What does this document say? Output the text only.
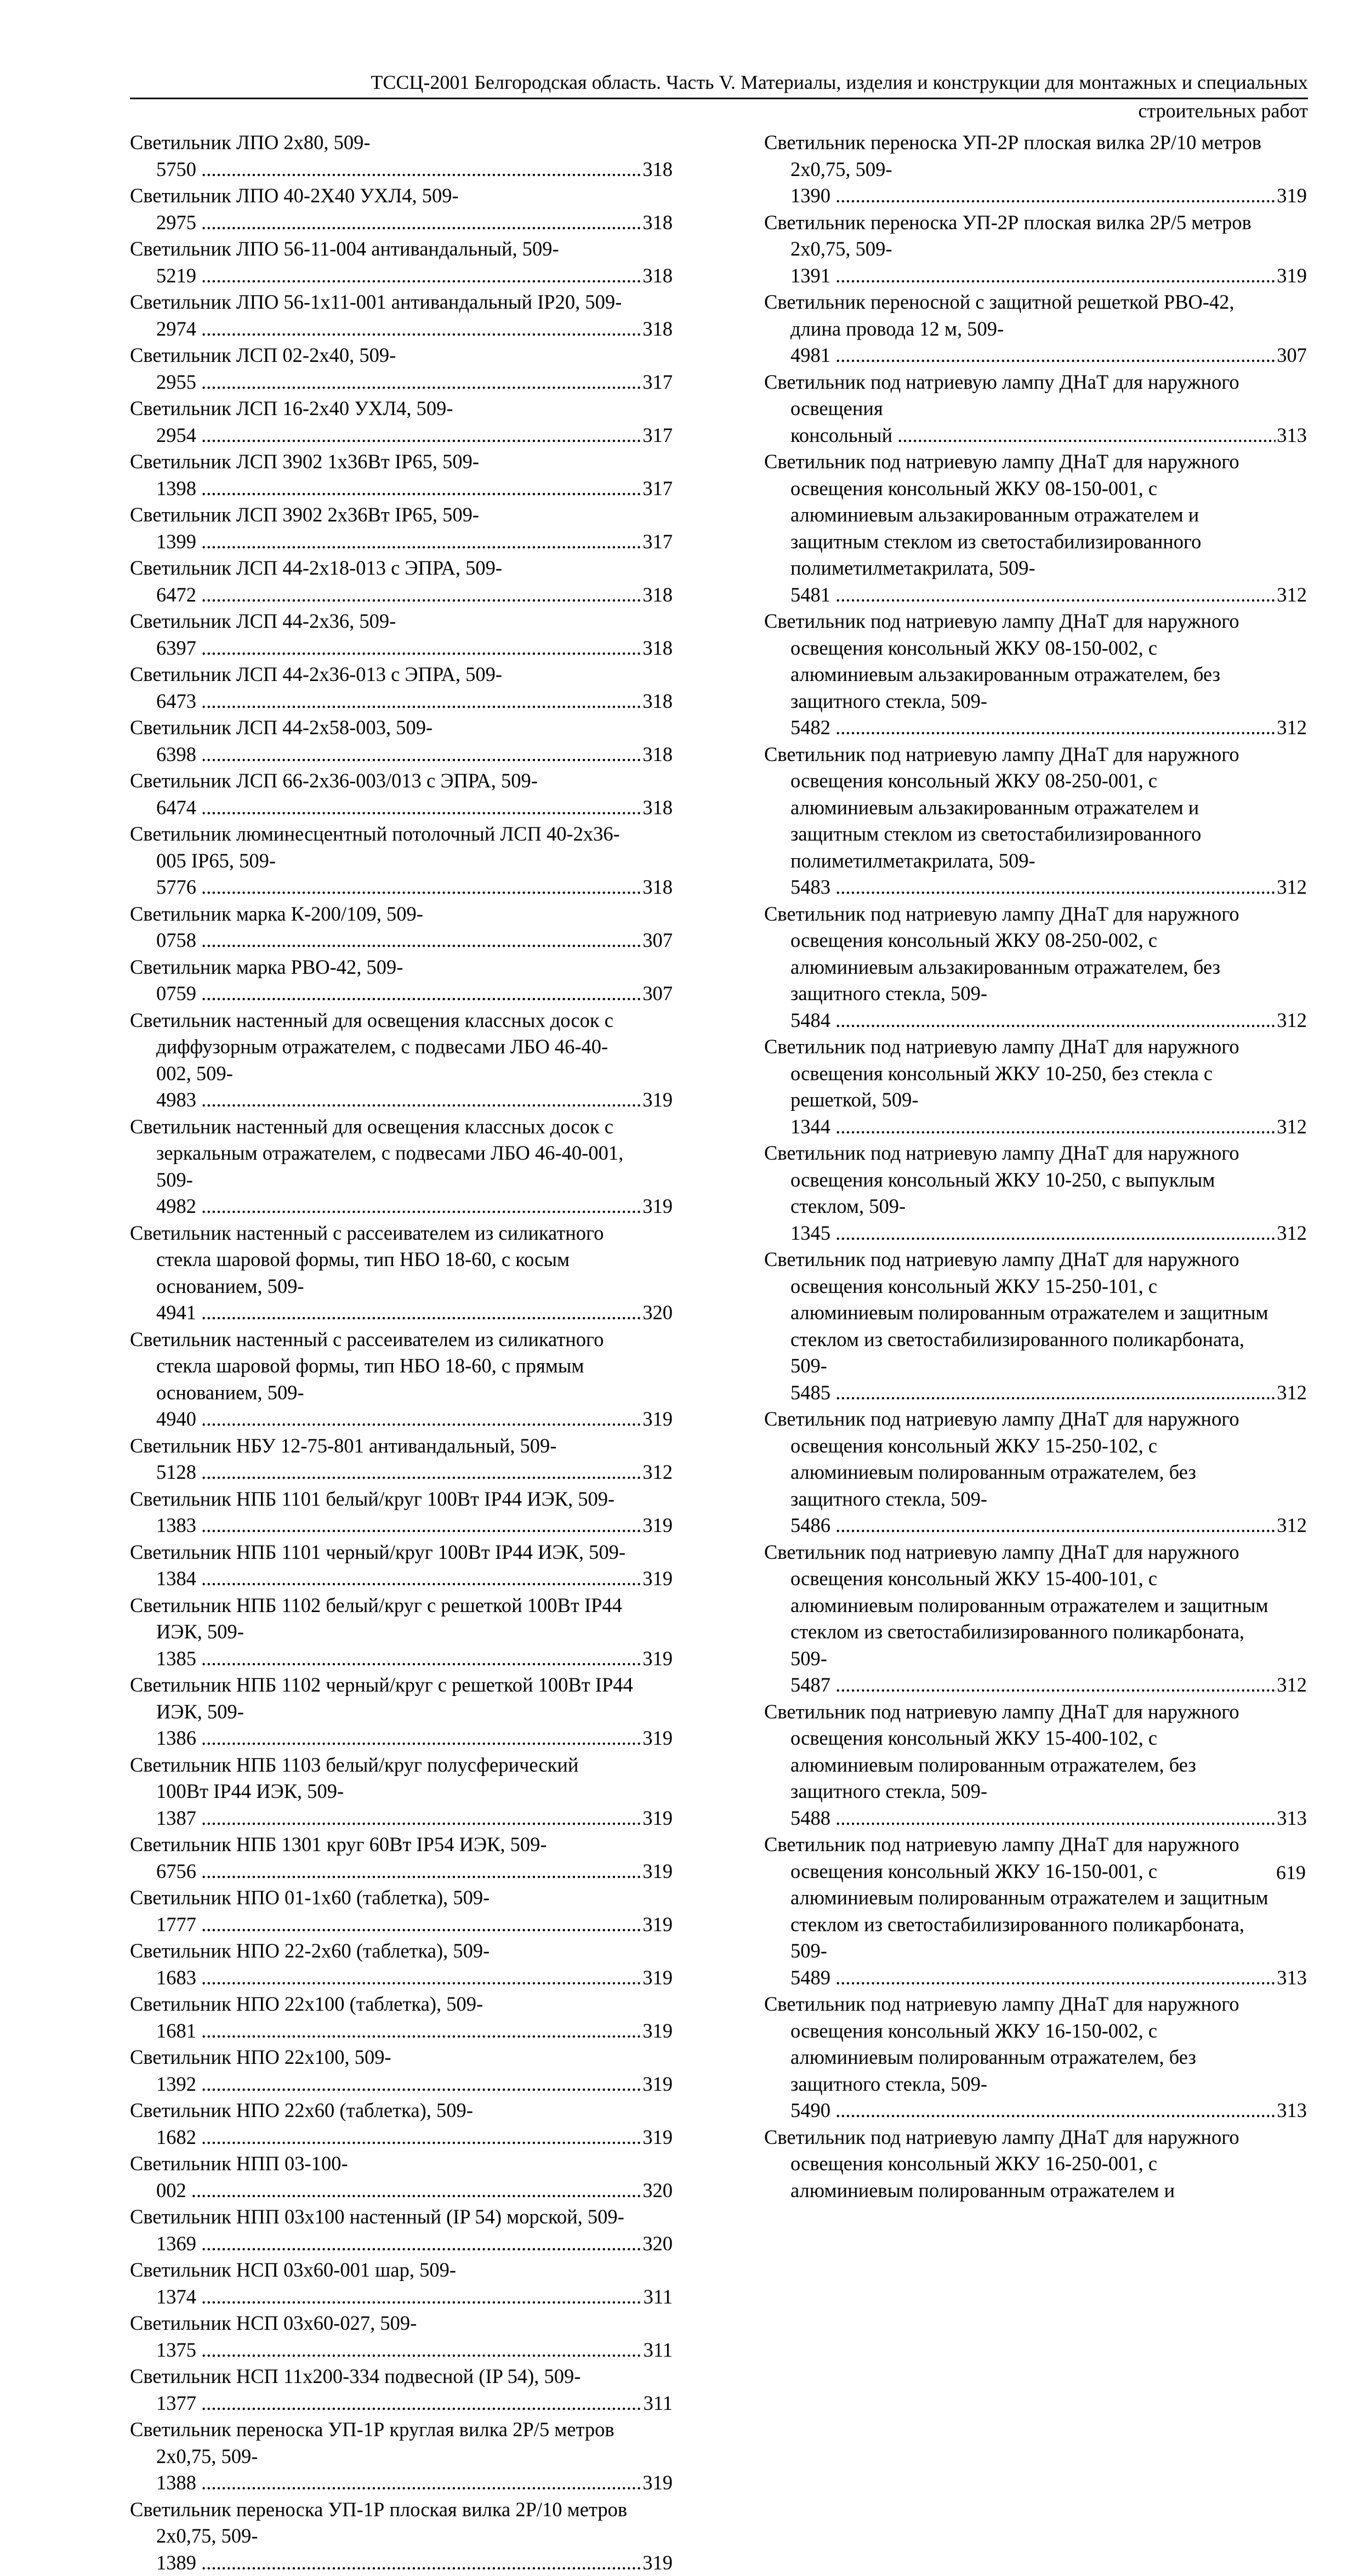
ТССЦ-2001 Белгородская область. Часть V. Материалы, изделия и конструкции для монтажных и специальных
строительных работ
Светильник ЛПО 2х80, 509-5750 .....	318
Светильник ЛПО 40-2Х40 УХЛ4, 509-2975 .....	318
Светильник ЛПО 56-11-004 антивандальный, 509-5219 .....	318
Светильник ЛПО 56-1х11-001 антивандальный IP20, 509-2974 .....	318
Светильник ЛСП 02-2х40, 509-2955 .....	317
Светильник ЛСП 16-2х40 УХЛ4, 509-2954 .....	317
Светильник ЛСП 3902 1х36Вт IP65, 509-1398 .....	317
Светильник ЛСП 3902 2х36Вт IP65, 509-1399 .....	317
Светильник ЛСП 44-2х18-013 с ЭПРА, 509-6472 .....	318
Светильник ЛСП 44-2х36, 509-6397 .....	318
Светильник ЛСП 44-2х36-013 с ЭПРА, 509-6473 .....	318
Светильник ЛСП 44-2х58-003, 509-6398 .....	318
Светильник ЛСП 66-2х36-003/013 с ЭПРА, 509-6474 .....	318
Светильник люминесцентный потолочный ЛСП 40-2х36-005 IP65, 509-5776 .....	318
Светильник марка К-200/109, 509-0758 .....	307
Светильник марка РВО-42, 509-0759 .....	307
Светильник настенный для освещения классных досок с диффузорным отражателем, с подвесами ЛБО 46-40-002, 509-4983 .....	319
Светильник настенный для освещения классных досок с зеркальным отражателем, с подвесами ЛБО 46-40-001, 509-4982 .....	319
Светильник настенный с рассеивателем из силикатного стекла шаровой формы, тип НБО 18-60, с косым основанием, 509-4941 .....	320
Светильник настенный с рассеивателем из силикатного стекла шаровой формы, тип НБО 18-60, с прямым основанием, 509-4940 .....	319
Светильник НБУ 12-75-801 антивандальный, 509-5128 .....	312
Светильник НПБ 1101 белый/круг 100Вт IP44 ИЭК, 509-1383 .....	319
Светильник НПБ 1101 черный/круг 100Вт IP44 ИЭК, 509-1384 .....	319
Светильник НПБ 1102 белый/круг с решеткой 100Вт IP44 ИЭК, 509-1385 .....	319
Светильник НПБ 1102 черный/круг с решеткой 100Вт IP44 ИЭК, 509-1386 .....	319
Светильник НПБ 1103 белый/круг полусферический 100Вт IP44 ИЭК, 509-1387 .....	319
Светильник НПБ 1301 круг 60Вт IP54 ИЭК, 509-6756 .....	319
Светильник НПО 01-1х60 (таблетка), 509-1777 .....	319
Светильник НПО 22-2х60 (таблетка), 509-1683 .....	319
Светильник НПО 22х100 (таблетка), 509-1681 .....	319
Светильник НПО 22х100, 509-1392 .....	319
Светильник НПО 22х60 (таблетка), 509-1682 .....	319
Светильник НПП 03-100-002 .....	320
Светильник НПП 03х100 настенный (IP 54) морской, 509-1369 .....	320
Светильник НСП 03х60-001 шар, 509-1374 .....	311
Светильник НСП 03х60-027, 509-1375 .....	311
Светильник НСП 11х200-334 подвесной (IP 54), 509-1377 .....	311
Светильник переноска УП-1Р круглая вилка 2Р/5 метров 2х0,75, 509-1388 .....	319
Светильник переноска УП-1Р плоская вилка 2Р/10 метров 2х0,75, 509-1389 .....	319
Светильник переноска УП-2Р плоская вилка 2Р/10 метров 2х0,75, 509-1390 .....	319
Светильник переноска УП-2Р плоская вилка 2Р/5 метров 2х0,75, 509-1391 .....	319
Светильник переносной с защитной решеткой РВО-42, длина провода 12 м, 509-4981 .....	307
Светильник под натриевую лампу ДНаТ для наружного освещения консольный .....	313
Светильник под натриевую лампу ДНаТ для наружного освещения консольный ЖКУ 08-150-001, с алюминиевым альзакированным отражателем и защитным стеклом из светостабилизированного полиметилметакрилата, 509-5481 .....	312
Светильник под натриевую лампу ДНаТ для наружного освещения консольный ЖКУ 08-150-002, с алюминиевым альзакированным отражателем, без защитного стекла, 509-5482 .....	312
Светильник под натриевую лампу ДНаТ для наружного освещения консольный ЖКУ 08-250-001, с алюминиевым альзакированным отражателем и защитным стеклом из светостабилизированного полиметилметакрилата, 509-5483 .....	312
Светильник под натриевую лампу ДНаТ для наружного освещения консольный ЖКУ 08-250-002, с алюминиевым альзакированным отражателем, без защитного стекла, 509-5484 .....	312
Светильник под натриевую лампу ДНаТ для наружного освещения консольный ЖКУ 10-250, без стекла с решеткой, 509-1344 .....	312
Светильник под натриевую лампу ДНаТ для наружного освещения консольный ЖКУ 10-250, с выпуклым стеклом, 509-1345 .....	312
Светильник под натриевую лампу ДНаТ для наружного освещения консольный ЖКУ 15-250-101, с алюминиевым полированным отражателем и защитным стеклом из светостабилизированного поликарбоната, 509-5485 .....	312
Светильник под натриевую лампу ДНаТ для наружного освещения консольный ЖКУ 15-250-102, с алюминиевым полированным отражателем, без защитного стекла, 509-5486 .....	312
Светильник под натриевую лампу ДНаТ для наружного освещения консольный ЖКУ 15-400-101, с алюминиевым полированным отражателем и защитным стеклом из светостабилизированного поликарбоната, 509-5487 .....	312
Светильник под натриевую лампу ДНаТ для наружного освещения консольный ЖКУ 15-400-102, с алюминиевым полированным отражателем, без защитного стекла, 509-5488 .....	313
Светильник под натриевую лампу ДНаТ для наружного освещения консольный ЖКУ 16-150-001, с алюминиевым полированным отражателем и защитным стеклом из светостабилизированного поликарбоната, 509-5489 .....	313
Светильник под натриевую лампу ДНаТ для наружного освещения консольный ЖКУ 16-150-002, с алюминиевым полированным отражателем, без защитного стекла, 509-5490 .....	313
Светильник под натриевую лампу ДНаТ для наружного освещения консольный ЖКУ 16-250-001, с алюминиевым полированным отражателем и
619
